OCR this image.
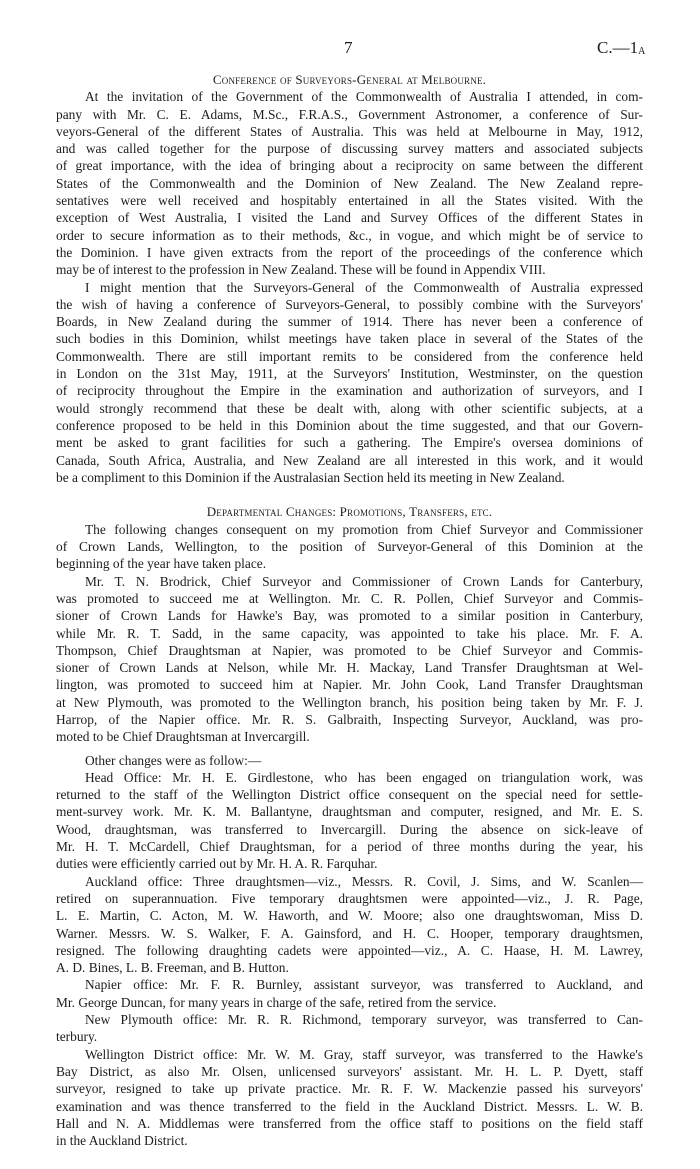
7	$C.—1_A$
Conference of Surveyors-General at Melbourne.
At the invitation of the Government of the Commonwealth of Australia I attended, in com-
pany with Mr. C. E. Adams, M.Sc., F.R.A.S., Government Astronomer, a conference of Sur-
veyors-General of the different States of Australia. This was held at Melbourne in May, 1912,
and was called together for the purpose of discussing survey matters and associated subjects
of great importance, with the idea of bringing about a reciprocity on same between the different
States of the Commonwealth and the Dominion of New Zealand. The New Zealand repre-
sentatives were well received and hospitably entertained in all the States visited. With the
exception of West Australia, I visited the Land and Survey Offices of the different States in
order to secure information as to their methods, &c., in vogue, and which might be of service to
the Dominion. I have given extracts from the report of the proceedings of the conference which
may be of interest to the profession in New Zealand. These will be found in Appendix VIII.
I might mention that the Surveyors-General of the Commonwealth of Australia expressed
the wish of having a conference of Surveyors-General, to possibly combine with the Surveyors'
Boards, in New Zealand during the summer of 1914. There has never been a conference of
such bodies in this Dominion, whilst meetings have taken place in several of the States of the
Commonwealth. There are still important remits to be considered from the conference held
in London on the 31st May, 1911, at the Surveyors' Institution, Westminster, on the question
of reciprocity throughout the Empire in the examination and authorization of surveyors, and I
would strongly recommend that these be dealt with, along with other scientific subjects, at a
conference proposed to be held in this Dominion about the time suggested, and that our Govern-
ment be asked to grant facilities for such a gathering. The Empire's oversea dominions of
Canada, South Africa, Australia, and New Zealand are all interested in this work, and it would
be a compliment to this Dominion if the Australasian Section held its meeting in New Zealand.
Departmental Changes: Promotions, Transfers, etc.
The following changes consequent on my promotion from Chief Surveyor and Commissioner
of Crown Lands, Wellington, to the position of Surveyor-General of this Dominion at the
beginning of the year have taken place.
Mr. T. N. Brodrick, Chief Surveyor and Commissioner of Crown Lands for Canterbury,
was promoted to succeed me at Wellington. Mr. C. R. Pollen, Chief Surveyor and Commis-
sioner of Crown Lands for Hawke's Bay, was promoted to a similar position in Canterbury,
while Mr. R. T. Sadd, in the same capacity, was appointed to take his place. Mr. F. A.
Thompson, Chief Draughtsman at Napier, was promoted to be Chief Surveyor and Commis-
sioner of Crown Lands at Nelson, while Mr. H. Mackay, Land Transfer Draughtsman at Wel-
lington, was promoted to succeed him at Napier. Mr. John Cook, Land Transfer Draughtsman
at New Plymouth, was promoted to the Wellington branch, his position being taken by Mr. F. J.
Harrop, of the Napier office. Mr. R. S. Galbraith, Inspecting Surveyor, Auckland, was pro-
moted to be Chief Draughtsman at Invercargill.
Other changes were as follow:—
Head Office: Mr. H. E. Girdlestone, who has been engaged on triangulation work, was
returned to the staff of the Wellington District office consequent on the special need for settle-
ment-survey work. Mr. K. M. Ballantyne, draughtsman and computer, resigned, and Mr. E. S.
Wood, draughtsman, was transferred to Invercargill. During the absence on sick-leave of
Mr. H. T. McCardell, Chief Draughtsman, for a period of three months during the year, his
duties were efficiently carried out by Mr. H. A. R. Farquhar.
Auckland office: Three draughtsmen—viz., Messrs. R. Covil, J. Sims, and W. Scanlen—
retired on superannuation. Five temporary draughtsmen were appointed—viz., J. R. Page,
L. E. Martin, C. Acton, M. W. Haworth, and W. Moore; also one draughtswoman, Miss D.
Warner. Messrs. W. S. Walker, F. A. Gainsford, and H. C. Hooper, temporary draughtsmen,
resigned. The following draughting cadets were appointed—viz., A. C. Haase, H. M. Lawrey,
A. D. Bines, L. B. Freeman, and B. Hutton.
Napier office: Mr. F. R. Burnley, assistant surveyor, was transferred to Auckland, and
Mr. George Duncan, for many years in charge of the safe, retired from the service.
New Plymouth office: Mr. R. R. Richmond, temporary surveyor, was transferred to Can-
terbury.
Wellington District office: Mr. W. M. Gray, staff surveyor, was transferred to the Hawke's
Bay District, as also Mr. Olsen, unlicensed surveyors' assistant. Mr. H. L. P. Dyett, staff
surveyor, resigned to take up private practice. Mr. R. F. W. Mackenzie passed his surveyors'
examination and was thence transferred to the field in the Auckland District. Messrs. L. W. B.
Hall and N. A. Middlemas were transferred from the office staff to positions on the field staff
in the Auckland District.
